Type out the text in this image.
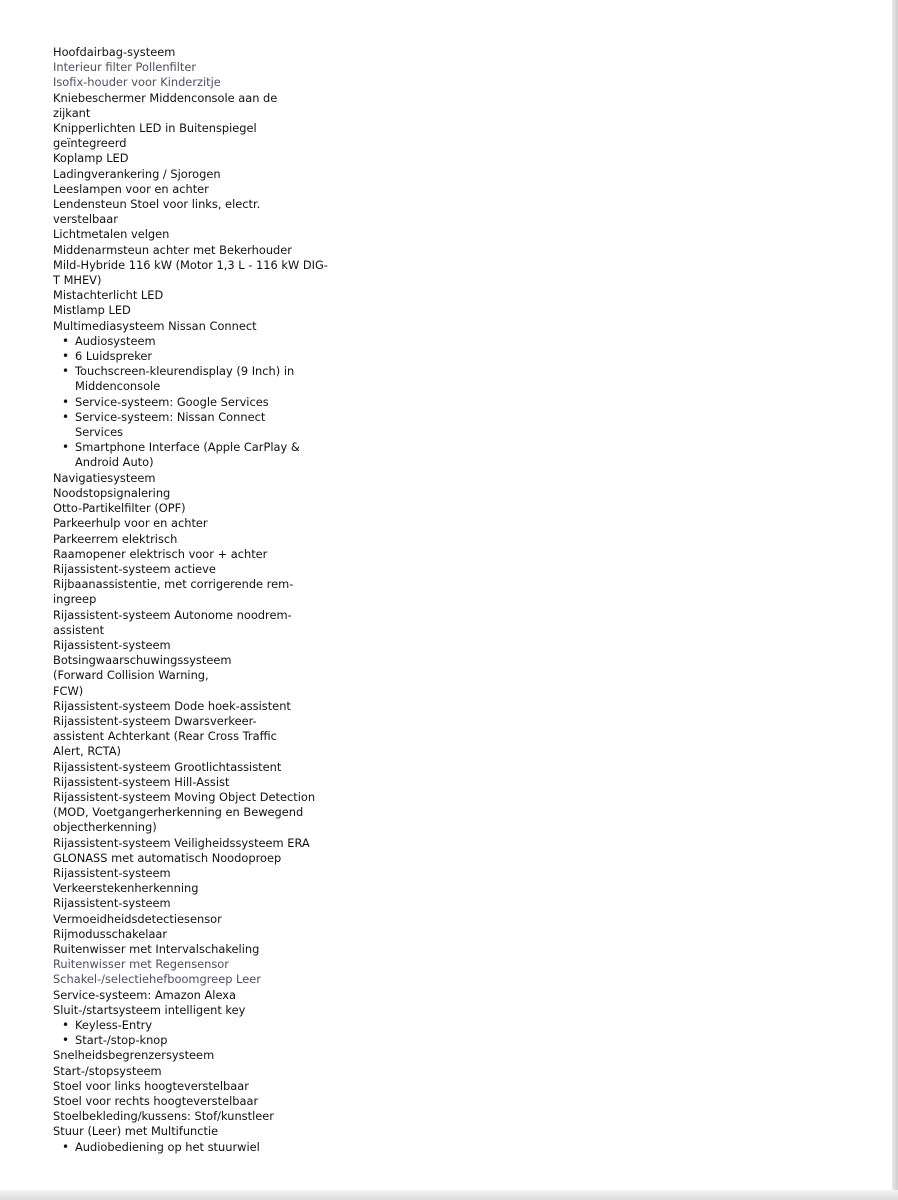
Hoofdairbag-systeem

Interieur filter Pollenfilter

Isofix-houder voor Kinderzitje

Kniebeschermer Middenconsole aan de zijkant

Knipperlichten LED in Buitenspiegel geïntegreerd

Koplamp LED

Ladingverankering / Sjorogen

Leeslampen voor en achter

Lendensteun Stoel voor links, electr. verstelbaar

Lichtmetalen velgen

Middenarmsteun achter met Bekerhouder

Mild-Hybride 116 kW (Motor 1,3 L - 116 kW DIG-T MHEV)

Mistachterlicht LED

Mistlamp LED

Multimediasysteem Nissan Connect

• Audiosysteem
• 6 Luidspreker
• Touchscreen-kleurendisplay (9 Inch) in Middenconsole
• Service-systeem: Google Services
• Service-systeem: Nissan Connect Services
• Smartphone Interface (Apple CarPlay & Android Auto)

Navigatiesysteem

Noodstopsignalering

Otto-Partikelfilter (OPF)

Parkeerhulp voor en achter

Parkeerrem elektrisch

Raamopener elektrisch voor + achter

Rijassistent-systeem actieve Rijbaanassistentie, met corrigerende rem-ingreep

Rijassistent-systeem Autonome noodrem-assistent

Rijassistent-systeem Botsingwaarschuwingssysteem (Forward Collision Warning, FCW)

Rijassistent-systeem Dode hoek-assistent

Rijassistent-systeem Dwarsverkeer-assistent Achterkant (Rear Cross Traffic Alert, RCTA)

Rijassistent-systeem Grootlichtassistent

Rijassistent-systeem Hill-Assist

Rijassistent-systeem Moving Object Detection (MOD, Voetgangerherkenning en Bewegend objectherkenning)

Rijassistent-systeem Veiligheidssysteem ERA GLONASS met automatisch Noodoproep

Rijassistent-systeem Verkeerstekenherkenning

Rijassistent-systeem Vermoeidheidsdetectiesensor

Rijmodusschakelaar

Ruitenwisser met Intervalschakeling

Ruitenwisser met Regensensor

Schakel-/selectiehefboomgreep Leer

Service-systeem: Amazon Alexa

Sluit-/startsysteem intelligent key

• Keyless-Entry
• Start-/stop-knop

Snelheidsbegrenzersysteem

Start-/stopsysteem

Stoel voor links hoogteverstelbaar

Stoel voor rechts hoogteverstelbaar

Stoelbekleding/kussens: Stof/kunstleer

Stuur (Leer) met Multifunctie

• Audiobediening op het stuurwiel
